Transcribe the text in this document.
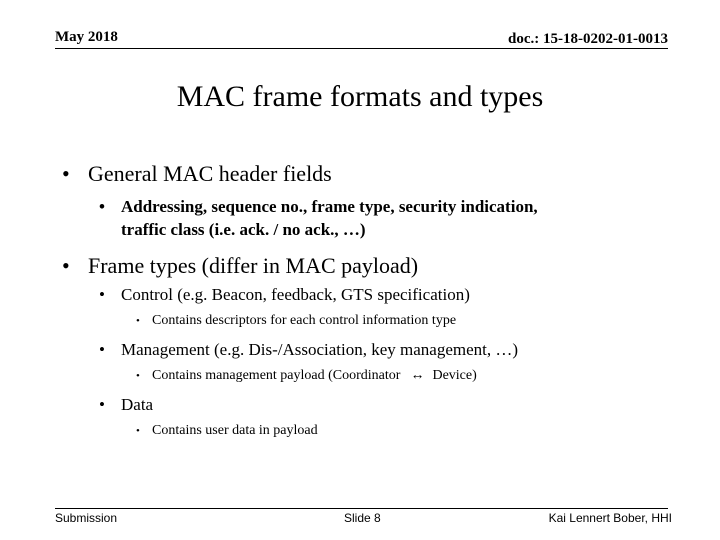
May 2018	doc.: 15-18-0202-01-0013
MAC frame formats and types
• General MAC header fields
• Addressing, sequence no., frame type, security indication,
traffic class (i.e. ack. / no ack., …)
• Frame types (differ in MAC payload)
• Control (e.g. Beacon, feedback, GTS specification)
• Contains descriptors for each control information type
• Management (e.g. Dis-/Association, key management, …)
• Contains management payload (Coordinator ↔ Device)
• Data
• Contains user data in payload
Submission	Slide 8	Kai Lennert Bober, HHI
